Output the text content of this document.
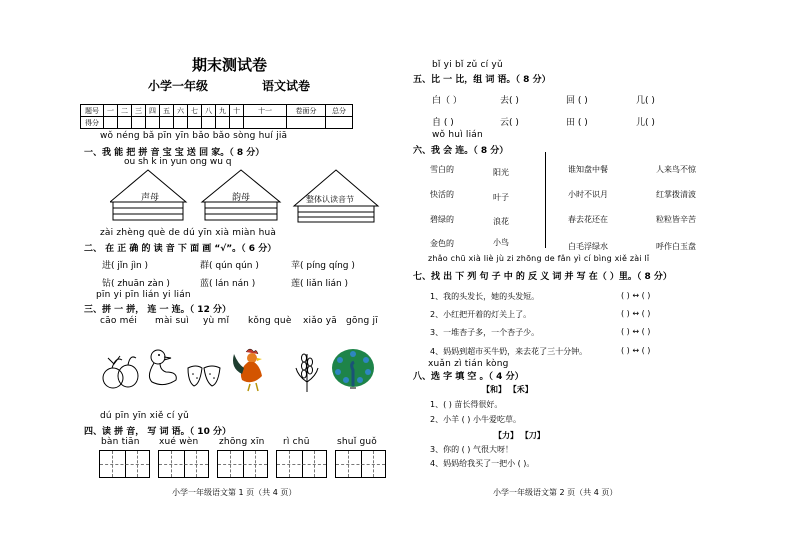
期末测试卷
小学一年级	语文试卷
题号	一	二	三	四	五	六	七	八	九	十	十一	卷面分	总分
得分													
wǒ néng bǎ pīn yīn bǎo bǎo sòng huí jiā
一、我 能 把 拼 音 宝 宝 送 回 家。（ 8 分）
ou sh k in yun ong wu q
声母	韵母	整体认读音节
zài zhèng què de dú yīn xià miàn huà
二、 在 正 确 的 读 音 下 面 画 “√”。（ 6 分）
进( jǐn jìn )	群( qún qún )	苹( píng qíng )
钻( zhuān zàn )	蓝( lán nán )	莲( liǎn lián )
pīn yi pīn lián yi lián
三、拼 一 拼， 连 一 连。（ 12 分）
cāo méi mài suì yù mǐ kǒng què xiǎo yā gōng jī
dú pīn yīn xiě cí yǔ
四、读 拼 音， 写 词 语。（ 10 分）
bàn tiān xué wèn zhōng xīn rì chū	shuǐ guǒ
小学一年级语文第 1 页（共 4 页）
bǐ yi bǐ zǔ cí yǔ
五、比 一 比，组 词 语。（ 8 分）
白（ ）	去( )	回 ( )	几( )
自 ( )	云( )	田 ( )	儿( )
wǒ huì lián
六、我 会 连。（ 8 分）
雪白的
快活的
碧绿的
金色的
阳光
叶子
浪花
小鸟
谁知盘中餐
小时不识月
春去花还在
白毛浮绿水
人来鸟不惊
红掌拨清波
粒粒皆辛苦
呼作白玉盘
zhǎo chū xià liè jù zi zhōng de fǎn yì cí bìng xiě zài lǐ
七、找 出 下 列 句 子 中 的 反 义 词 并 写 在（ ）里。（ 8 分）
1、我的头发长，她的头发短。
2、小红把开着的灯关上了。
3、一堆杏子多，一个杏子少。
4、妈妈到超市买牛奶，来去花了三十分钟。
( ) ↔ ( )
( ) ↔ ( )
( ) ↔ ( )
( ) ↔ ( )
xuǎn zì tián kòng
八、选 字 填 空 。（ 4 分）
【和】 【禾】
1、( ) 苗长得很好。
2、小羊 ( ) 小牛爱吃草。
【力】 【刀】
3、你的 ( ) 气很大呀！
4、妈妈给我买了一把小 ( )。
小学一年级语文第 2 页（共 4 页）
